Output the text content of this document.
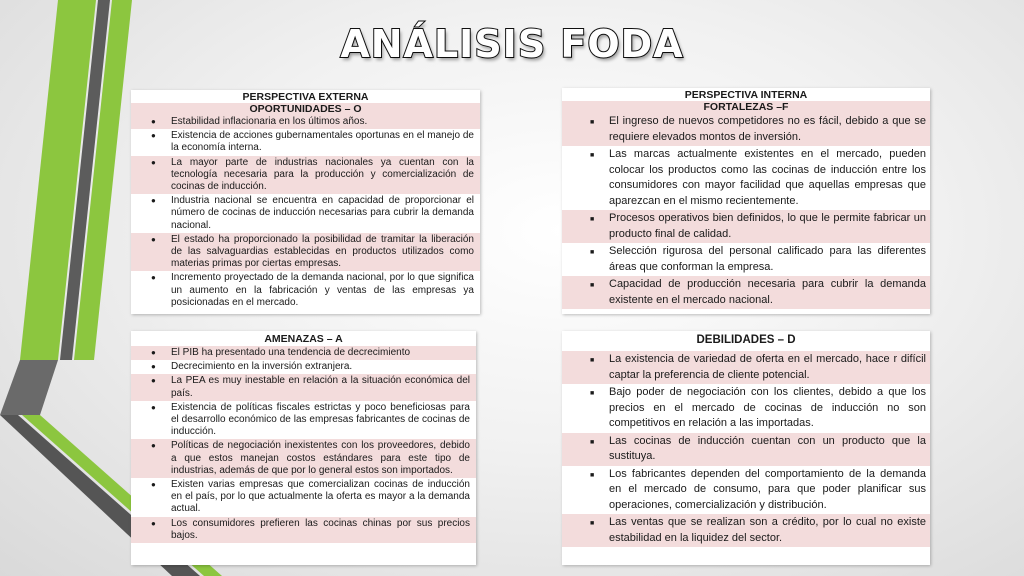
ANÁLISIS FODA
PERSPECTIVA EXTERNA
OPORTUNIDADES – O
● Estabilidad inflacionaria en los últimos años.
● Existencia de acciones gubernamentales oportunas en el manejo de la economía interna.
● La mayor parte de industrias nacionales ya cuentan con la tecnología necesaria para la producción y comercialización de cocinas de inducción.
● Industria nacional se encuentra en capacidad de proporcionar el número de cocinas de inducción necesarias para cubrir la demanda nacional.
● El estado ha proporcionado la posibilidad de tramitar la liberación de las salvaguardias establecidas en productos utilizados como materias primas por ciertas empresas.
● Incremento proyectado de la demanda nacional, por lo que significa un aumento en la fabricación y ventas de las empresas ya posicionadas en el mercado.
AMENAZAS – A
● El PIB ha presentado una tendencia de decrecimiento
● Decrecimiento en la inversión extranjera.
● La PEA es muy inestable en relación a la situación económica del país.
● Existencia de políticas fiscales estrictas y poco beneficiosas para el desarrollo económico de las empresas fabricantes de cocinas de inducción.
● Políticas de negociación inexistentes con los proveedores, debido a que estos manejan costos estándares para este tipo de industrias, además de que por lo general estos son importados.
● Existen varias empresas que comercializan cocinas de inducción en el país, por lo que actualmente la oferta es mayor a la demanda actual.
● Los consumidores prefieren las cocinas chinas por sus precios bajos.
PERSPECTIVA INTERNA
FORTALEZAS –F
■ El ingreso de nuevos competidores no es fácil, debido a que se requiere elevados montos de inversión.
■ Las marcas actualmente existentes en el mercado, pueden colocar los productos como las cocinas de inducción entre los consumidores con mayor facilidad que aquellas empresas que aparezcan en el mismo recientemente.
■ Procesos operativos bien definidos, lo que le permite fabricar un producto final de calidad.
■ Selección rigurosa del personal calificado para las diferentes áreas que conforman la empresa.
■ Capacidad de producción necesaria para cubrir la demanda existente en el mercado nacional.
DEBILIDADES – D
■ La existencia de variedad de oferta en el mercado, hace r difícil captar la preferencia de cliente potencial.
■ Bajo poder de negociación con los clientes, debido a que los precios en el mercado de cocinas de inducción no son competitivos en relación a las importadas.
■ Las cocinas de inducción cuentan con un producto que la sustituya.
■ Los fabricantes dependen del comportamiento de la demanda en el mercado de consumo, para que poder planificar sus operaciones, comercialización y distribución.
■ Las ventas que se realizan son a crédito, por lo cual no existe estabilidad en la liquidez del sector.
